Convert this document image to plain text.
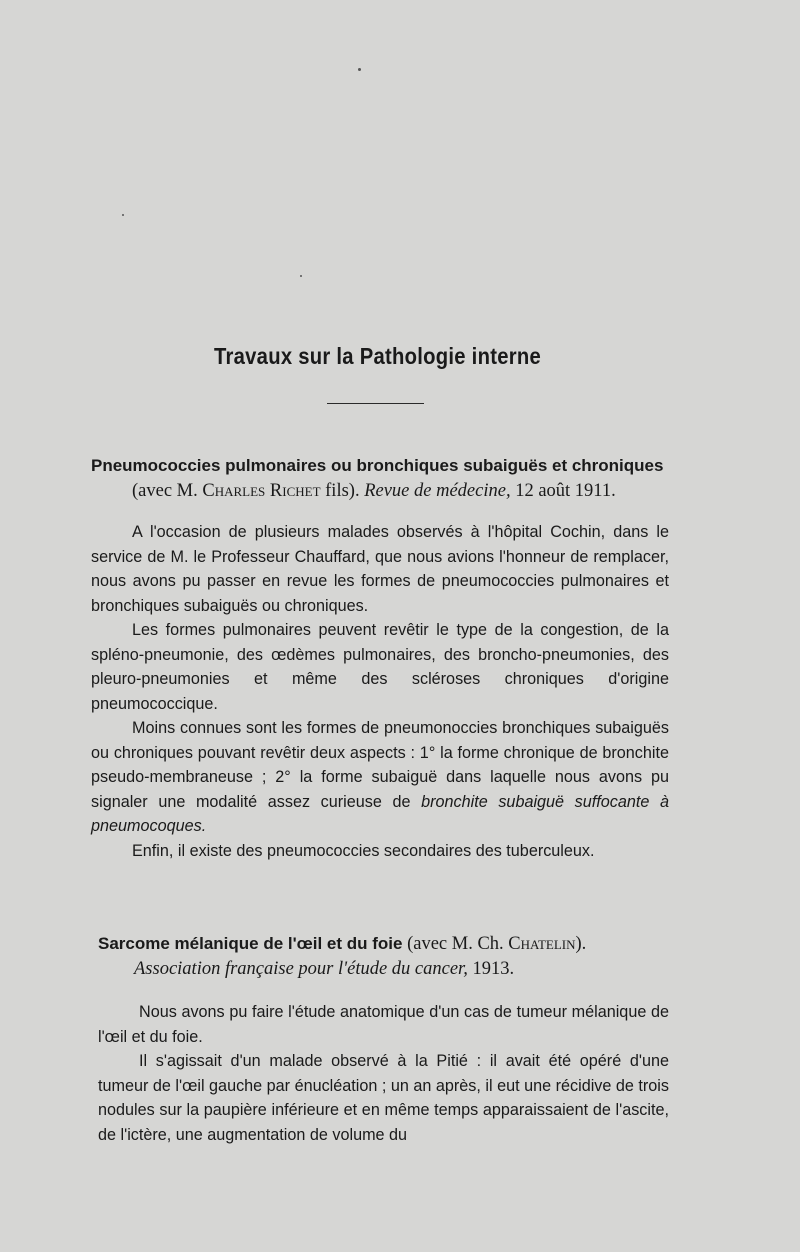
Travaux sur la Pathologie interne

Pneumococcies pulmonaires ou bronchiques subaiguës et chroniques (avec M. Charles Richet fils). Revue de médecine, 12 août 1911.

A l'occasion de plusieurs malades observés à l'hôpital Cochin, dans le service de M. le Professeur Chauffard, que nous avions l'honneur de remplacer, nous avons pu passer en revue les formes de pneumococcies pulmonaires et bronchiques subaiguës ou chroniques.

Les formes pulmonaires peuvent revêtir le type de la congestion, de la spléno-pneumonie, des œdèmes pulmonaires, des broncho-pneumonies, des pleuro-pneumonies et même des scléroses chroniques d'origine pneumococcique.

Moins connues sont les formes de pneumonoccies bronchiques subaiguës ou chroniques pouvant revêtir deux aspects : 1° la forme chronique de bronchite pseudo-membraneuse ; 2° la forme subaiguë dans laquelle nous avons pu signaler une modalité assez curieuse de bronchite subaiguë suffocante à pneumocoques.

Enfin, il existe des pneumococcies secondaires des tuberculeux.

Sarcome mélanique de l'œil et du foie (avec M. Ch. Chatelin). Association française pour l'étude du cancer, 1913.

Nous avons pu faire l'étude anatomique d'un cas de tumeur mélanique de l'œil et du foie.

Il s'agissait d'un malade observé à la Pitié : il avait été opéré d'une tumeur de l'œil gauche par énucléation ; un an après, il eut une récidive de trois nodules sur la paupière inférieure et en même temps apparaissaient de l'ascite, de l'ictère, une augmentation de volume du
